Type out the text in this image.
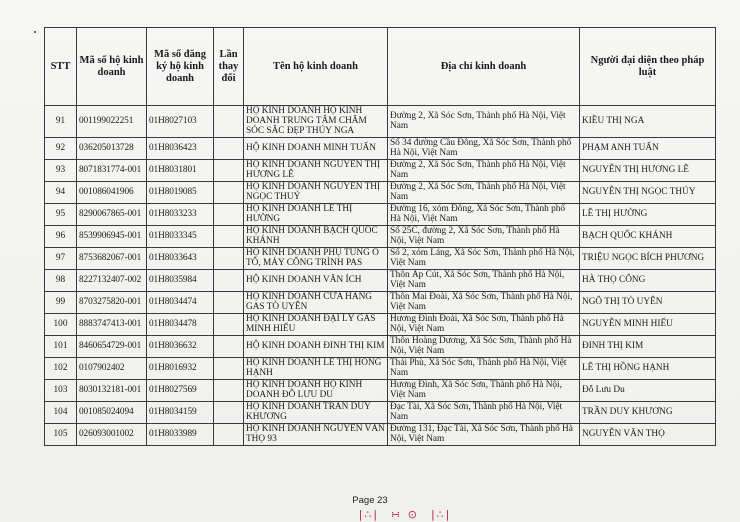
STT	Mã số hộ kinh doanh	Mã số đăng ký hộ kinh doanh	Lần thay đổi	Tên hộ kinh doanh	Địa chỉ kinh doanh	Người đại diện theo pháp luật
91	001199022251	01H8027103		HỘ KINH DOANH HỘ KINH DOANH TRUNG TÂM CHĂM SÓC SẮC ĐẸP THÚY NGA	Đường 2, Xã Sóc Sơn, Thành phố Hà Nội, Việt Nam	KIỀU THỊ NGA
92	036205013728	01H8036423		HỘ KINH DOANH MINH TUẤN	Số 34 đường Cầu Đông, Xã Sóc Sơn, Thành phố Hà Nội, Việt Nam	PHẠM ANH TUẤN
93	8071831774-001	01H8031801		HỘ KINH DOANH NGUYỄN THỊ HƯƠNG LÊ	Đường 2, Xã Sóc Sơn, Thành phố Hà Nội, Việt Nam	NGUYỄN THỊ HƯƠNG LÊ
94	001086041906	01H8019085		HỘ KINH DOANH NGUYỄN THỊ NGỌC THUÝ	Đường 2, Xã Sóc Sơn, Thành phố Hà Nội, Việt Nam	NGUYỄN THỊ NGỌC THÚY
95	8290067865-001	01H8033233		HỘ KINH DOANH LÊ THỊ HƯỜNG	Đường 16, xóm Đông, Xã Sóc Sơn, Thành phố Hà Nội, Việt Nam	LÊ THỊ HƯỜNG
96	8539906945-001	01H8033345		HỘ KINH DOANH BẠCH QUỐC KHÁNH	Số 25C, đường 2, Xã Sóc Sơn, Thành phố Hà Nội, Việt Nam	BẠCH QUỐC KHÁNH
97	8753682067-001	01H8033643		HỘ KINH DOANH PHỤ TÙNG Ô TÔ, MÁY CÔNG TRÌNH PAS	Số 2, xóm Láng, Xã Sóc Sơn, Thành phố Hà Nội, Việt Nam	TRIỆU NGỌC BÍCH PHƯƠNG
98	8227132407-002	01H8035984		HỘ KINH DOANH VĂN ÍCH	Thôn Ấp Cút, Xã Sóc Sơn, Thành phố Hà Nội, Việt Nam	HÀ THỌ CÔNG
99	8703275820-001	01H8034474		HỘ KINH DOANH CỬA HÀNG GAS TÒ UYÊN	Thôn Mai Đoài, Xã Sóc Sơn, Thành phố Hà Nội, Việt Nam	NGÔ THỊ TÒ UYÊN
100	8883747413-001	01H8034478		HỘ KINH DOANH ĐẠI LÝ GAS MINH HIẾU	Hương Đình Đoài, Xã Sóc Sơn, Thành phố Hà Nội, Việt Nam	NGUYỄN MINH HIẾU
101	8460654729-001	01H8036632		HỘ KINH DOANH ĐINH THỊ KIM	Thôn Hoàng Dương, Xã Sóc Sơn, Thành phố Hà Nội, Việt Nam	ĐINH THỊ KIM
102	0107902402	01H8016932		HỘ KINH DOANH LÊ THỊ HỒNG HẠNH	Thái Phù, Xã Sóc Sơn, Thành phố Hà Nội, Việt Nam	LÊ THỊ HỒNG HẠNH
103	8030132181-001	01H8027569		HỘ KINH DOANH HỘ KINH DOANH ĐỖ LƯU DU	Hương Đình, Xã Sóc Sơn, Thành phố Hà Nội, Việt Nam	Đỗ Lưu Du
104	001085024094	01H8034159		HỘ KINH DOANH TRẦN DUY KHƯƠNG	Đạc Tài, Xã Sóc Sơn, Thành phố Hà Nội, Việt Nam	TRẦN DUY KHƯƠNG
105	026093001002	01H8033989		HỘ KINH DOANH NGUYỄN VĂN THỌ 93	Đường 131, Đạc Tài, Xã Sóc Sơn, Thành phố Hà Nội, Việt Nam	NGUYỄN VĂN THỌ
Page 23
|∴| ∺ ⊙ |∴|
